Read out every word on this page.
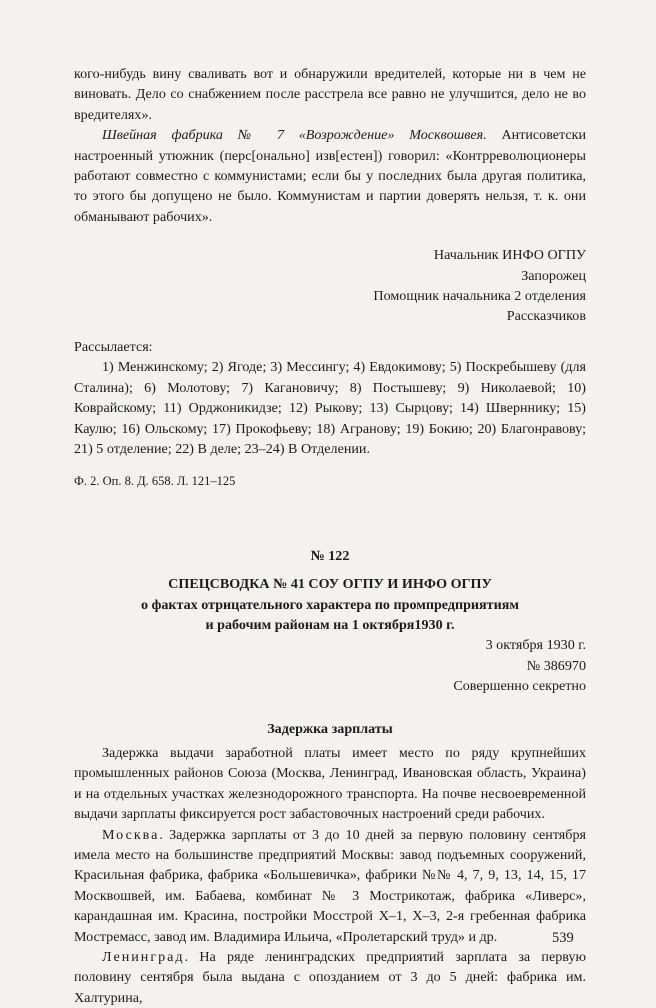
кого-нибудь вину сваливать вот и обнаружили вредителей, которые ни в чем не виновать. Дело со снабжением после расстрела все равно не улучшится, дело не во вредителях».

Швейная фабрика № 7 «Возрождение» Москвошвея. Антисоветски настроенный утюжник (перс[онально] изв[естен]) говорил: «Контрреволюционеры работают совместно с коммунистами; если бы у последних была другая политика, то этого бы допущено не было. Коммунистам и партии доверять нельзя, т. к. они обманывают рабочих».

Начальник ИНФО ОГПУ

Запорожец

Помощник начальника 2 отделения

Рассказчиков

Рассылается:

1) Менжинскому; 2) Ягоде; 3) Мессингу; 4) Евдокимову; 5) Поскребышеву (для Сталина); 6) Молотову; 7) Кагановичу; 8) Постышеву; 9) Николаевой; 10) Коврайскому; 11) Орджоникидзе; 12) Рыкову; 13) Сырцову; 14) Шверннику; 15) Каулю; 16) Ольскому; 17) Прокофьеву; 18) Агранову; 19) Бокию; 20) Благонравову; 21) 5 отделение; 22) В деле; 23–24) В Отделении.

Ф. 2. Оп. 8. Д. 658. Л. 121–125

№ 122

СПЕЦСВОДКА № 41 СОУ ОГПУ И ИНФО ОГПУ

о фактах отрицательного характера по промпредприятиям

и рабочим районам на 1 октября1930 г.

3 октября 1930 г.

№ 386970

Совершенно секретно

Задержка зарплаты

Задержка выдачи заработной платы имеет место по ряду крупнейших промышленных районов Союза (Москва, Ленинград, Ивановская область, Украина) и на отдельных участках железнодорожного транспорта. На почве несвоевременной выдачи зарплаты фиксируется рост забастовочных настроений среди рабочих.

Москва. Задержка зарплаты от 3 до 10 дней за первую половину сентября имела место на большинстве предприятий Москвы: завод подъемных сооружений, Красильная фабрика, фабрика «Большевичка», фабрики №№ 4, 7, 9, 13, 14, 15, 17 Москвошвей, им. Бабаева, комбинат № 3 Мострикотаж, фабрика «Ливерс», карандашная им. Красина, постройки Мосстрой Х–1, Х–3, 2-я гребенная фабрика Мостремасс, завод им. Владимира Ильича, «Пролетарский труд» и др.

Ленинград. На ряде ленинградских предприятий зарплата за первую половину сентября была выдана с опозданием от 3 до 5 дней: фабрика им. Халтурина,

539
